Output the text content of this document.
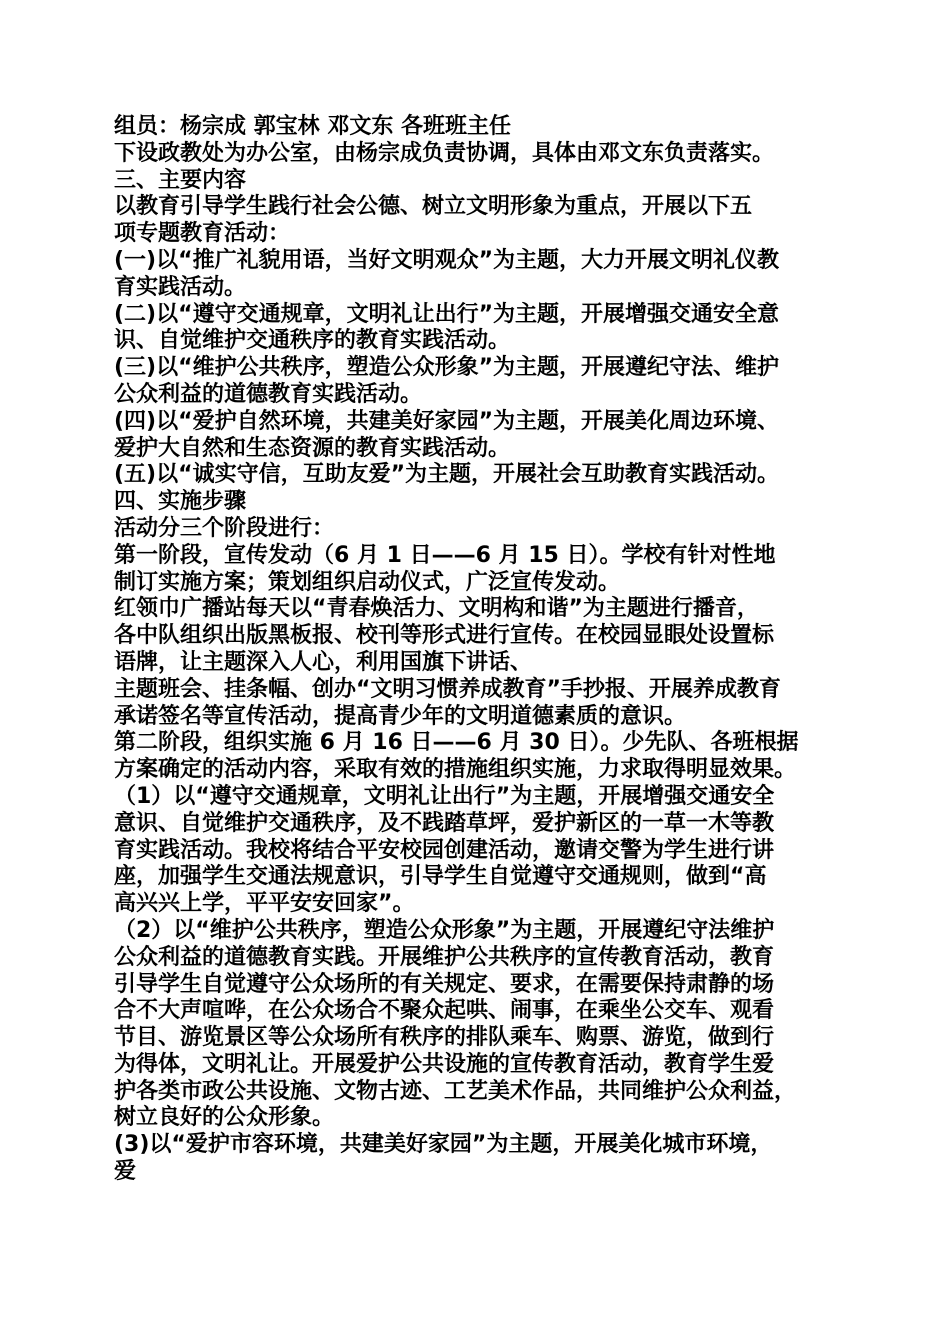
组员：杨宗成 郭宝林 邓文东 各班班主任
下设政教处为办公室，由杨宗成负责协调，具体由邓文东负责落实。
三、主要内容
以教育引导学生践行社会公德、树立文明形象为重点，开展以下五
项专题教育活动：
(一)以“推广礼貌用语，当好文明观众”为主题，大力开展文明礼仪教
育实践活动。
(二)以“遵守交通规章，文明礼让出行”为主题，开展增强交通安全意
识、自觉维护交通秩序的教育实践活动。
(三)以“维护公共秩序，塑造公众形象”为主题，开展遵纪守法、维护
公众利益的道德教育实践活动。
(四)以“爱护自然环境，共建美好家园”为主题，开展美化周边环境、
爱护大自然和生态资源的教育实践活动。
(五)以“诚实守信，互助友爱”为主题，开展社会互助教育实践活动。
四、实施步骤
活动分三个阶段进行：
第一阶段，宣传发动（6 月 1 日——6 月 15 日）。学校有针对性地
制订实施方案；策划组织启动仪式，广泛宣传发动。
红领巾广播站每天以“青春焕活力、文明构和谐”为主题进行播音，
各中队组织出版黑板报、校刊等形式进行宣传。在校园显眼处设置标
语牌，让主题深入人心，利用国旗下讲话、
主题班会、挂条幅、创办“文明习惯养成教育”手抄报、开展养成教育
承诺签名等宣传活动，提高青少年的文明道德素质的意识。
第二阶段，组织实施 6 月 16 日——6 月 30 日）。少先队、各班根据
方案确定的活动内容，采取有效的措施组织实施，力求取得明显效果。
（1）以“遵守交通规章，文明礼让出行”为主题，开展增强交通安全
意识、自觉维护交通秩序，及不践踏草坪，爱护新区的一草一木等教
育实践活动。我校将结合平安校园创建活动，邀请交警为学生进行讲
座，加强学生交通法规意识，引导学生自觉遵守交通规则，做到“高
高兴兴上学，平平安安回家”。
（2）以“维护公共秩序，塑造公众形象”为主题，开展遵纪守法维护
公众利益的道德教育实践。开展维护公共秩序的宣传教育活动，教育
引导学生自觉遵守公众场所的有关规定、要求，在需要保持肃静的场
合不大声喧哗，在公众场合不聚众起哄、闹事，在乘坐公交车、观看
节目、游览景区等公众场所有秩序的排队乘车、购票、游览，做到行
为得体，文明礼让。开展爱护公共设施的宣传教育活动，教育学生爱
护各类市政公共设施、文物古迹、工艺美术作品，共同维护公众利益，
树立良好的公众形象。
(3)以“爱护市容环境，共建美好家园”为主题，开展美化城市环境，
爱
